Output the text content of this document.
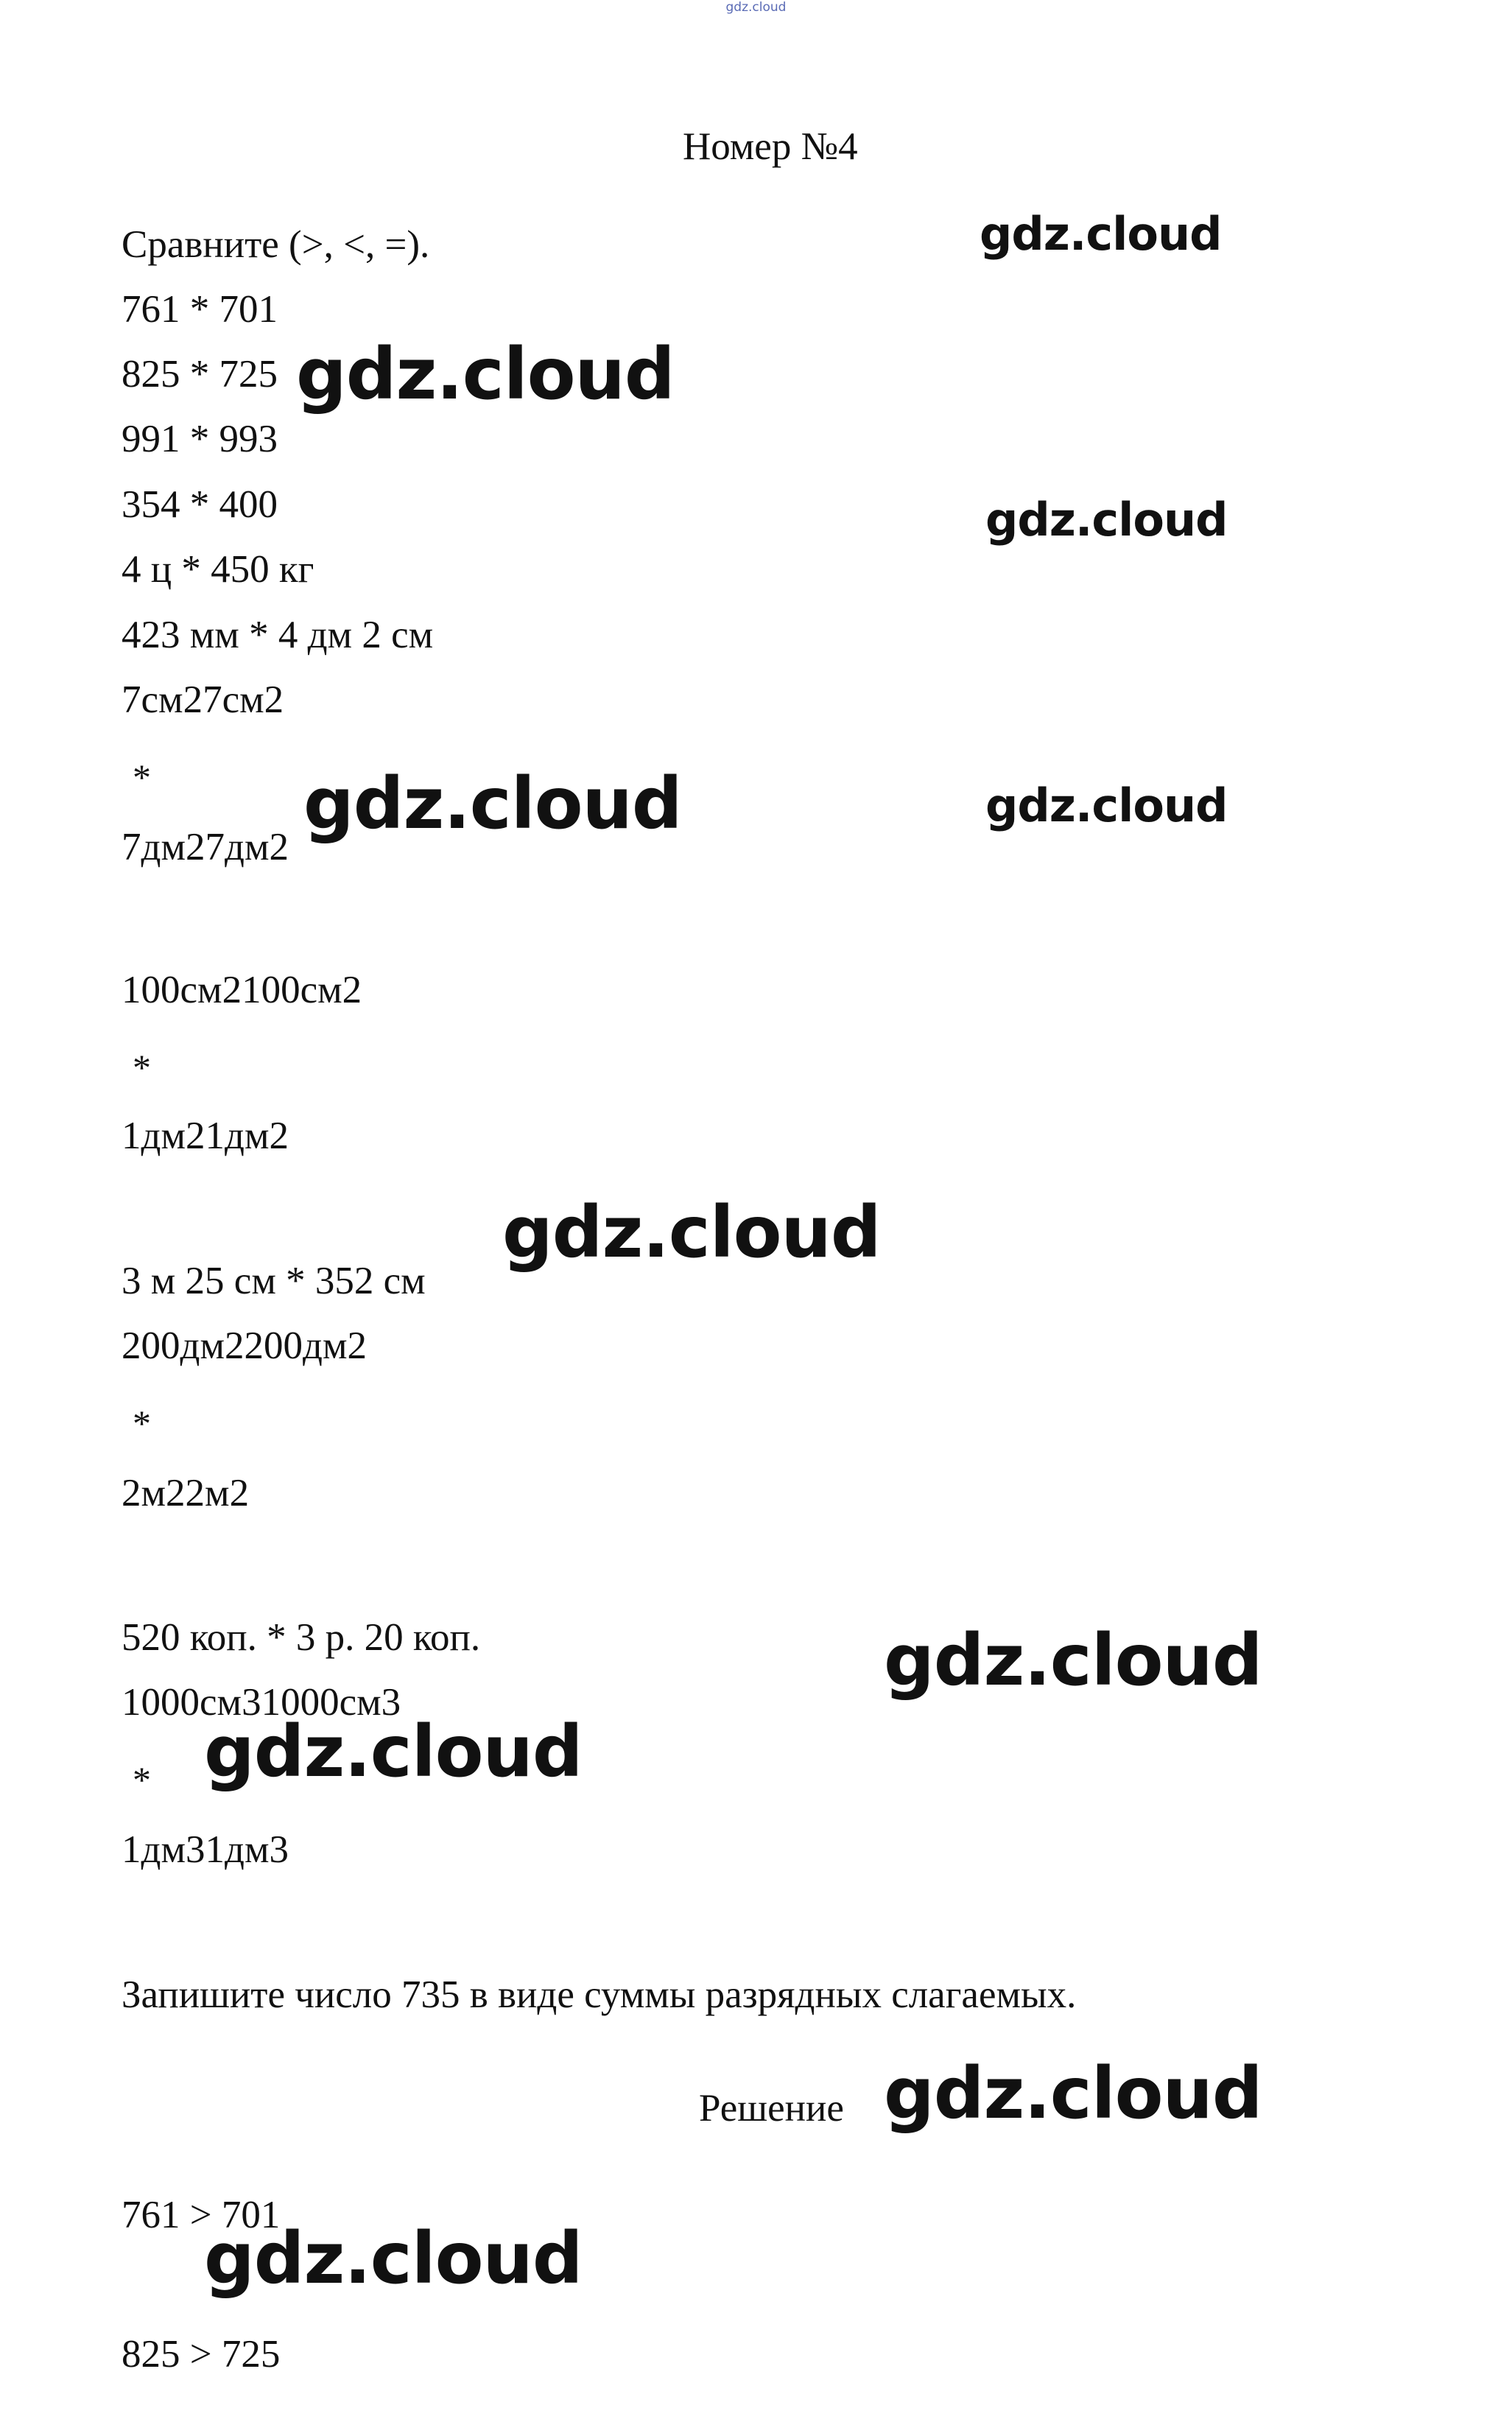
gdz.cloud
Номер №4
Сравните (>, <, =).
761 * 701
825 * 725
991 * 993
354 * 400
4 ц * 450 кг
423 мм * 4 дм 2 см
7см27см2
*
7дм27дм2
100см2100см2
*
1дм21дм2
3 м 25 см * 352 см
200дм2200дм2
*
2м22м2
520 коп. * 3 р. 20 коп.
1000см31000см3
*
1дм31дм3
Запишите число 735 в виде суммы разрядных слагаемых.
Решение
761 > 701
825 > 725
gdz.cloud
gdz.cloud
gdz.cloud
gdz.cloud	gdz.cloud
gdz.cloud
gdz.cloud
gdz.cloud
gdz.cloud
gdz.cloud
